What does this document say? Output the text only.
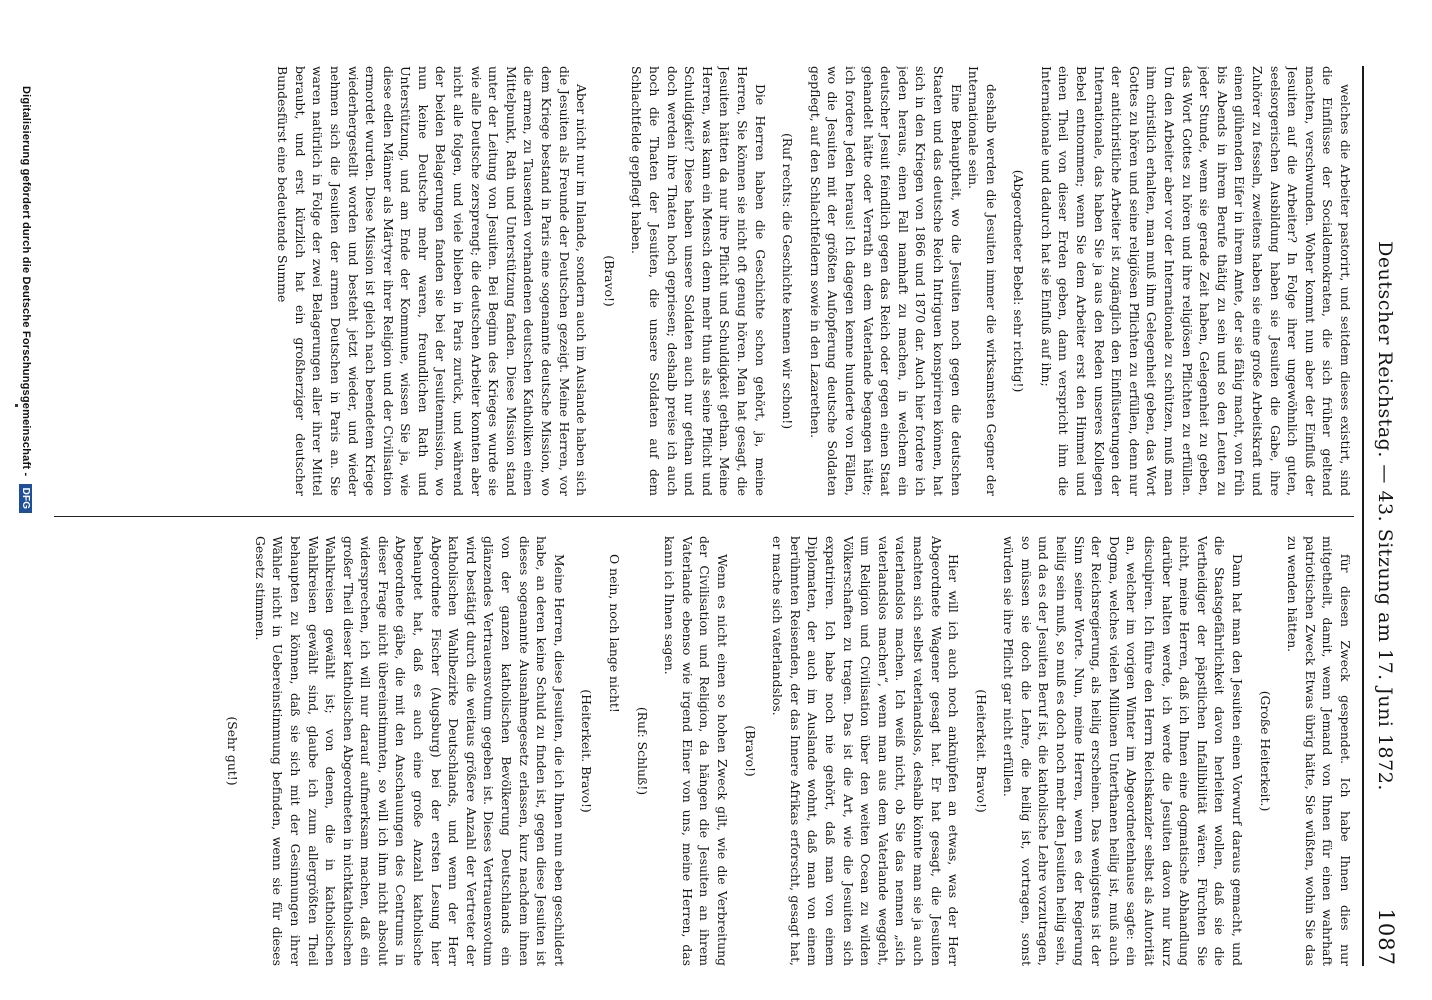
Deutscher Reichstag. — 43. Sitzung am 17. Juni 1872.
1087

welches die Arbeiter pastorirt, und seitdem dieses existirt, sind die Einflüsse der Socialdemokraten, die sich früher geltend machten, verschwunden. Woher kommt nun aber der Einfluß der Jesuiten auf die Arbeiter? In Folge ihrer ungewöhnlich guten, seelsorgerischen Ausbildung haben sie Jesuiten die Gabe, ihre Zuhörer zu fesseln, zweitens haben sie eine große Arbeitskraft und einen glühenden Eifer in ihrem Amte, der sie fähig macht, von früh bis Abends in ihrem Berufe thätig zu sein und so den Leuten zu jeder Stunde, wenn sie gerade Zeit haben, Gelegenheit zu geben, das Wort Gottes zu hören und ihre religiösen Pflichten zu erfüllen. Um den Arbeiter aber vor der Internationale zu schützen, muß man ihm christlich erhalten, man muß ihm Gelegenheit geben, das Wort Gottes zu hören und seine religiösen Pflichten zu erfüllen, denn nur der antichristliche Arbeiter ist zugänglich den Einflüsterungen der Internationale, das haben Sie ja aus den Reden unseres Kollegen Bebel entnommen; wenn Sie dem Arbeiter erst den Himmel und einen Theil von dieser Erden geben, dann verspricht ihm die Internationale und dadurch hat sie Einfluß auf ihn;

(Abgeordneter Bebel: sehr richtig!)

deshalb werden die Jesuiten immer die wirksamsten Gegner der Internationale sein.

Eine Behauptheit, wo die Jesuiten noch gegen die deutschen Staaten und das deutsche Reich Intriguen konspiriren können, hat sich in den Kriegen von 1866 und 1870 dar. Auch hier fordere ich jeden heraus, einen Fall namhaft zu machen, in welchem ein deutscher Jesuit feindlich gegen das Reich oder gegen einen Staat gehandelt hätte oder Verrath an dem Vaterlande begangen hätte; ich fordere Jeden heraus! Ich dagegen kenne hunderte von Fällen, wo die Jesuiten mit der größten Aufopferung deutsche Soldaten gepflegt, auf den Schlachtfeldern sowie in den Lazarethen.

(Ruf rechts: die Geschichte kennen wir schon!)

Die Herren haben die Geschichte schon gehört, ja, meine Herren, Sie können sie nicht oft genug hören. Man hat gesagt, die Jesuiten hätten da nur ihre Pflicht und Schuldigkeit gethan. Meine Herren, was kann ein Mensch denn mehr thun als seine Pflicht und Schuldigkeit? Diese haben unsere Soldaten auch nur gethan und doch werden ihre Thaten hoch gepriesen; deshalb preise ich auch hoch die Thaten der Jesuiten, die unsere Soldaten auf dem Schlachtfelde gepflegt haben.

(Bravo!)

Aber nicht nur im Inlande, sondern auch im Auslande haben sich die Jesuiten als Freunde der Deutschen gezeigt. Meine Herren, vor dem Kriege bestand in Paris eine sogenannte deutsche Mission, wo die armen, zu Tausenden vorhandenen deutschen Katholiken einen Mittelpunkt, Rath und Unterstützung fanden. Diese Mission stand unter der Leitung von Jesuiten. Bei Beginn des Krieges wurde sie wie alle Deutsche zersprengt; die deutschen Arbeiter konnten aber nicht alle folgen, und viele blieben in Paris zurück, und während der beiden Belagerungen fanden sie bei der Jesuitenmission, wo nun keine Deutsche mehr waren, freundlichen Rath und Unterstützung, und am Ende der Kommune, wissen Sie ja, wie diese edlen Männer als Märtyrer ihrer Religion und der Civilisation ermordet wurden. Diese Mission ist gleich nach beendetem Kriege wiederhergestellt worden und besteht jetzt wieder, und wieder nehmen sich die Jesuiten der armen Deutschen in Paris an. Sie waren natürlich in Folge der zwei Belagerungen aller ihrer Mittel beraubt, und erst kürzlich hat ein großherziger deutscher Bundesfürst eine bedeutende Summe

für diesen Zweck gespendet. Ich habe Ihnen dies nur mitgetheilt, damit, wenn Jemand von Ihnen für einen wahrhaft patriotischen Zweck Etwas übrig hätte, Sie wüßten, wohin Sie das zu wenden hätten.

(Große Heiterkeit.)

Dann hat man den Jesuiten einen Vorwurf daraus gemacht, und die Staatsgefährlichkeit davon herleiten wollen, daß sie die Vertheidiger der päpstlichen Infallibilität wären. Fürchten Sie nicht, meine Herren, daß ich Ihnen eine dogmatische Abhandlung darüber halten werde, ich werde die Jesuiten davon nur kurz disculpiren. Ich führe den Herrn Reichskanzler selbst als Autorität an, welcher im vorigen Winter im Abgeordnetenhause sagte: ein Dogma, welches vielen Millionen Unterthanen heilig ist, muß auch der Reichsregierung, als heilig erscheinen. Das wenigstens ist der Sinn seiner Worte. Nun, meine Herren, wenn es der Regierung heilig sein muß, so muß es doch noch mehr den Jesuiten heilig sein, und da es der Jesuiten Beruf ist, die katholische Lehre vorzutragen, so müssen sie doch die Lehre, die heilig ist, vortragen, sonst würden sie ihre Pflicht gar nicht erfüllen.

(Heiterkeit. Bravo!)

Hier will ich auch noch anknüpfen an etwas, was der Herr Abgeordnete Wagener gesagt hat. Er hat gesagt, die Jesuiten machten sich selbst vaterlandslos, deshalb könnte man sie ja auch vaterlandslos machen. Ich weiß nicht, ob Sie das nennen „sich vaterlandslos machen“, wenn man aus dem Vaterlande weggeht, um Religion und Civilisation über den weiten Ocean zu wilden Völkerschaften zu tragen. Das ist die Art, wie die Jesuiten sich expatriiren. Ich habe noch nie gehört, daß man von einem Diplomaten, der auch im Auslande wohnt, daß man von einem berühmten Reisenden, der das Innere Afrikas erforscht, gesagt hat, er mache sich vaterlandslos.

(Bravo!)

Wenn es nicht einen so hohen Zweck gilt, wie die Verbreitung der Civilisation und Religion, da hängen die Jesuiten an ihrem Vaterlande ebenso wie irgend Einer von uns, meine Herren, das kann ich Ihnen sagen.

(Ruf: Schluß!)

O nein, noch lange nicht!

(Heiterkeit. Bravo!)

Meine Herren, diese Jesuiten, die ich Ihnen nun eben geschildert habe, an deren keine Schuld zu finden ist, gegen diese Jesuiten ist dieses sogenannte Ausnahmegesetz erlassen, kurz nachdem ihnen von der ganzen katholischen Bevölkerung Deutschlands ein glänzendes Vertrauensvotum gegeben ist. Dieses Vertrauensvotum wird bestätigt durch die weitaus größere Anzahl der Vertreter der katholischen Wahlbezirke Deutschlands, und wenn der Herr Abgeordnete Fischer (Augsburg) bei der ersten Lesung hier behauptet hat, daß es auch eine große Anzahl katholische Abgeordnete gäbe, die mit den Anschauungen des Centrums in dieser Frage nicht übereinstimmten, so will ich ihm nicht absolut widersprechen, ich will nur darauf aufmerksam machen, daß ein großer Theil dieser katholischen Abgeordneten in nichtkatholischen Wahlkreisen gewählt ist; von denen, die in katholischen Wahlkreisen gewählt sind, glaube ich zum allergrößten Theil behaupten zu können, daß sie sich mit der Gesinnungen ihrer Wähler nicht in Uebereinstimmung befinden, wenn sie für dieses Gesetz stimmen.

(Sehr gut!)

Digitalisierung gefördert durch die Deutsche Forschungsgemeinschaft - DFG
